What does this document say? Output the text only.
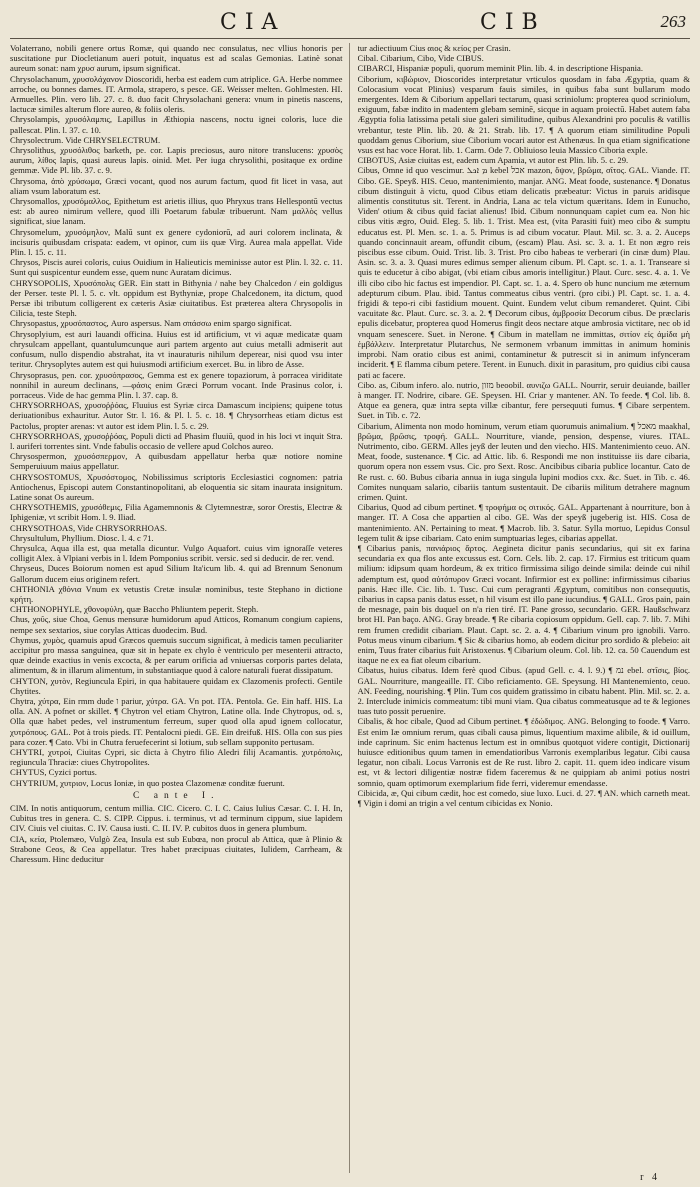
CIA	CIB	263

Volaterrano, nobili genere ortus Romæ, qui quando nec consulatus, nec vllius honoris per suscitatione pur Diocletianum aueri potuit, inquatus est ad scalas Gemonias. Latinè sonat aureum sonat: nam χρυσ aurum, ipsum significat.

Chrysolachanum, χρυσολάχανον Dioscoridi, herba est eadem cum atriplice. GA. Herbe nommee arroche, ou bonnes dames. IT. Armola, strapero, s pesce. GE. Weisser melten. Gohlmesten. HI. Armuelles. Plin. vero lib. 27. c. 8. duo facit Chrysolachani genera: vnum in pinetis nascens, lactucæ similes alterum flore aureo, & foliis oleris.

Chrysolampis, χρυσόλαμπις, Lapillus in Æthiopia nascens, noctu ignei coloris, luce die pallescat. Plin. l. 37. c. 10.

Chrysolectrum. Vide CHRYSELECTRUM.

Chrysolithus, χρυσόλιθος barketh, pe. cor. Lapis preciosus, auro nitore translucens: χρυσὸς aurum, λίθος lapis, quasi aureus lapis. oinid. Met. Per iuga chrysolithi, positaque ex ordine gemmæ. Vide Pl. lib. 37. c. 9.

Chrysoma, ἀπὸ χρύσωμα, Græci vocant, quod nos aurum factum, quod fit licet in vasa, aut aliam vsum laboratum est.

Chrysomallos, χρυσόμαλλος, Epithetum est arietis illius, quo Phryxus trans Hellespontū vectus est: ab aureo nimirum vellere, quod illi Poetarum fabulæ tribuerunt. Nam μαλλὸς vellus significat, siue lanam.

Chrysomelum, χρυσόμηλον, Malū sunt ex genere cydoniorū, ad auri colorem inclinata, & incisuris quibusdam crispata: eadem, vt opinor, cum iis quæ Virg. Aurea mala appellat. Vide Plin. l. 15. c. 11.

Chrysos, Piscis aurei coloris, cuius Ouidium in Halieuticis meminisse autor est Plin. l. 32. c. 11. Sunt qui suspicentur eundem esse, quem nunc Auratam dicimus.

CHRYSOPOLIS, Χρυσόπολις GER. Ein statt in Bithynia / nahe bey Chalcedon / ein goldigus der Perser. teste Pl. l. 5. c. vlt. oppidum est Bythyniæ, prope Chalcedonem, ita dictum, quod Persæ ibi tributum colligerent ex cæteris Asiæ ciuitatibus. Est præterea altera Chrysopolis in Cilicia, teste Steph.

Chrysopastus, χρυσόπαστος, Auro aspersus. Nam σπάσσω enim spargo significat.

Chrysoplyium, est auri lauandi officina. Huius est id artificium, vt vi aquæ medicatæ quam chrysulcam appellant, quantulumcunque auri partem argento aut cuius metalli admiserit aut confusum, nullo dispendio abstrahat, ita vt inauraturis nihilum deperear, nisi quod vsu inter teritur. Chrysoplytes autem est qui huiusmodi artificium exercet. Bu. in libro de Asse.

Chrysoprasus, pen. cor. χρυσόπρασος, Gemma est ex genere topaziorum, à porracea viriditate nonnihil in aureum declinans, —φάσις enim Græci Porrum vocant. Inde Prasinus color, i. porraceus. Vide de hac gemma Plin. l. 37. cap. 8.

CHRYSORRHOAS, χρυσοῤῥόας, Fluuius est Syriæ circa Damascum incipiens; quipene totus deriuationibus exhauritur. Autor Str. l. 16. & Pl. l. 5. c. 18. ¶ Chrysorrheas etiam dictus est Pactolus, propter arenas: vt autor est idem Plin. l. 5. c. 29.

CHRYSORRHOAS, χρυσοῤῥόας, Populi dicti ad Phasim fluuiū, quod in his loci vt inquit Stra. l. auriferi torrentes sint. Vnde fabulis occasio de vellere apud Colchos aureo.

Chrysospermon, χρυσόσπερμον, A quibusdam appellatur herba quæ notiore nomine Semperuiuum maius appellatur.

CHRYSOSTOMUS, Χρυσόστομος, Nobilissimus scriptoris Ecclesiastici cognomen: patria Antiochenus, Episcopi autem Constantinopolitani, ab eloquentia sic sitam inaurata insignitum. Latine sonat Os aureum.

CHRYSOTHEMIS, χρυσόθεμις, Filia Agamemnonis & Clytemnestræ, soror Orestis, Electræ & Iphigeniæ, vt scribit Hom. l. 9. Iliad.

CHRYSOTHOAS, Vide CHRYSORRHOAS.

Chrysultulum, Phyllium. Diosc. l. 4. c 71.

Chrysulca, Aqua illa est, qua metalla dicuntur. Vulgo Aquafort. cuius vim ignoraſſe veteres colligit Alex. à Vlpiani verbis in l. Idem Pomponius scribit. versic. sed si deducir. de rer. vend.

Chryseus, Duces Boiorum nomen est apud Silium Ita'icum lib. 4. qui ad Brennum Senonum Gallorum ducem eius originem refert.

CHTHONIA χθόνια Vnum ex vetustis Cretæ insulæ nominibus, teste Stephano in dictione κρήτη.

CHTHONOPHYLE, χθονοφύλη, quæ Baccho Phliuntem peperit. Steph.

Chus, χοῦς, siue Choa, Genus mensuræ humidorum apud Atticos, Romanum congium capiens, nempe sex sextarios, siue corylas Atticas duodecim. Bud.

Chymus, χυμὸς, quamuis apud Græcos quemuis succum significat, à medicis tamen peculiariter accipitur pro massa sanguinea, quæ sit in hepate ex chylo è ventriculo per mesenterii attracto, quæ deinde exactius in venis excocta, & per earum orificia ad vniuersas corporis partes delata, alimentum, & in illarum alimentum, in substantiaque quod à calore naturali fuerat dissipatum.

CHYTON, χυτὸν, Regiuncula Epiri, in qua habitauere quidam ex Clazomenis profecti. Gentile Chytites.

Chytra, χύτρα, Ein rmm dude ו pariur, χύτρα. GA. Vn pot. ITA. Pentola. Ge. Ein haff. HIS. La olla. AN. A pofnet or skillet. ¶ Chytron vel etiam Chytron, Latine olla. Inde Chytropus, od. s, Olla quæ habet pedes, vel instrumentum ferreum, super quod olla apud ignem collocatur, χυτρόπους. GAL. Pot à trois pieds. IT. Pentalocni piedi. GE. Ein dreifuß. HIS. Olla con sus pies para cozer. ¶ Cato. Vbi in Chutra feruefecerint si lotium, sub sellam supponito pertusam.

CHYTRI, χυτροί, Ciuitas Cypri, sic dicta à Chytro filio Aledri filij Acamantis. χυτρόπολις, regiuncula Thraciæ: ciues Chytropolites.

CHYTUS, Cyzici portus.

CHYTRIUM, χυτριον, Locus Ioniæ, in quo postea Clazomenæ conditæ fuerunt.

C ante I.

CIM. In notis antiquorum, centum millia. CIC. Cicero. C. I. C. Caius Iulius Cæsar. C. I. H. In, Cubitus tres in genera. C. S. CIPP. Cippus. i. terminus, vt ad terminum cippum, siue lapidem CIV. Ciuis vel ciuitas. C. IV. Causa iusti. C. II. IV. P. cubitos duos in genera plumbum.

CIA, κεία, Ptolemæo, Vulgò Zea, Insula est sub Eubœa, non procul ab Attica, quæ à Plinio & Strabone Ceos, & Cea appellatur. Tres habet præcipuas ciuitates, Iulidem, Carrheam, & Charessum. Hinc deducitur

tur adiectiuum Cius αιος & κείος per Crasin.

Cibal. Cibarium, Cibo, Vide CIBUS.

CIBARCI, Hispaniæ populi, quorum meminit Plin. lib. 4. in descriptione Hispania.

Ciborium, κιβώριον, Dioscorides interpretatur vrticulos quosdam in faba Ægyptia, quam & Colocasium vocat Plinius) vesparum fauis similes, in quibus faba sunt bullarum modo emergentes. Idem & Ciborium appellari tectarum, quasi scriniolum: propterea quod scriniolum, exiguum, fabæ indito in madentem glebam seminē, sicque in aquam proiectū. Habet autem faba Ægyptia folia latissima petali siue galeri similitudine, quibus Alexandrini pro poculis & vatillis vrebantur, teste Plin. lib. 20. & 21. Strab. lib. 17. ¶ A quorum etiam similitudine Populi quoddam genus Ciborium, siue Ciborium vocari autor est Athenæus. In qua etiam significatione vsus est hac voce Horat. lib. 1. Carm. Ode 7. Obliuioso leuia Massico Ciboria exple.

CIBOTUS, Asiæ ciuitas est, eadem cum Apamia, vt autor est Plin. lib. 5. c. 29.

Cibus, Omne id quo vescimur. ܡ ܐܟܠ kebel אכל mazon, ὄψον, βρῶμα, σῖτος. GAL. Viande. IT. Cibo. GE. Speyß. HIS. Ceuo, mantenimiento, manjar. ANG. Meat foode, sustenance. ¶ Donatus cibum distinguit à victu, quod Cibus etiam delicatis præbeatur: Victus in paruis aridisque alimentis constitutus sit. Terent. in Andria, Lana ac tela victum quæritans. Idem in Eunucho, Viden' otium & cibus quid faciat alienus! Ibid. Cibum nonnunquam capiet cum ea. Non hic cibus vitis ægro, Ouid. Eleg. 5. lib. 1. Trist. Mea est, (vita Parasiti fuit) meo cibo & sumptu educatus est. Pl. Men. sc. 1. a. 5. Primus is ad cibum vocatur. Plaut. Mil. sc. 3. a. 2. Auceps quando concinnauit aream, offundit cibum, (escam) Plau. Asi. sc. 3. a. 1. Et non ægro reis piscibus esse cibum. Ouid. Trist. lib. 3. Trist. Pro cibo habeas te verberari (in cinæ dum) Plau. Asin. sc. 3. a. 3. Quasi mures edimus semper alienum cibum. Pl. Capt. sc. 1. a. 1. Transeare si quis te educetur à cibo abigat, (vbi etiam cibus amoris intelligitur.) Plaut. Curc. sesc. 4. a. 1. Ve illi cibo cibo hic factus est impendior. Pl. Capt. sc. 1. a. 4. Spero ob hunc nuncium me æternum adepturum cibum. Plau. ibid. Tantus commeatus cibus ventri. (pro cibi.) Pl. Capt. sc. 1. a. 4. frigidi & tepo-ri cibi fastidium mouent. Quint. Eundem velut cibum remanderet. Quint. Cibi vacuitate &c. Plaut. Curc. sc. 3. a. 2. ¶ Decorum cibus, ἀμβροσία Decorum cibus. De præclaris epulis dicebatur, propterea quod Homerus fingit deos nectare atque ambrosia victitare, nec ob id vnquam senescere. Suet. in Nerone. ¶ Cibum in matellam ne immittas, σιτίον εἰς ἀμίδα μὴ ἐμβάλλειν. Interpretatur Plutarchus, Ne sermonem vrbanum immittas in animum hominis improbi. Nam oratio cibus est animi, contaminetur & putrescit si in animum infynceram inciderit. ¶ E flamma cibum petere. Terent. in Eunuch. dixit in parasitum, pro quidius cibi causa pati ac facere.

Cibo. as, Cibum infero. alo. nutrio, מזון beoobil. αυνιζω GALL. Nourrir, seruir deuiande, bailler à manger. IT. Nodrire, cibare. GE. Speysen. HI. Criar y mantener. AN. To feede. ¶ Col. lib. 8. Atque ea genera, quæ intra septa villæ cibantur, fere persequuti fumus. ¶ Cibare serpentem. Suet. in Tib. c. 72.

Cibarium, Alimenta non modo hominum, verum etiam quorumuis animalium. ¶ מאכל maakhal, βρῶμα, βρῶσις, τροφή. GALL. Nourriture, viande, pension, despense, viures. ITAL. Nutrimento, cibo. GERM. Alles jeyß der leuten und den viecho. HIS. Mantenimiento ceuo. AN. Meat, foode, sustenance. ¶ Cic. ad Attic. lib. 6. Respondi me non instituisse iis dare cibaria, quorum opera non essem vsus. Cic. pro Sext. Rosc. Ancibibus cibaria publice locantur. Cato de Re rust. c. 60. Bubus cibaria annua in iuga singula lupini modios cxx. &c. Suet. in Tib. c. 46. Comites nunquam salario, cibariis tantum sustentauit. De cibariis militum detrahere magnum crimen. Quint.

Cibarius, Quod ad cibum pertinet. ¶ τροφήμα ος σιτικός. GAL. Appartenant à nourriture, bon à manger. IT. A Cosa che appartien al cibo. GE. Was der speyß jugeberig ist. HIS. Cosa de mantenimiento. AN. Pertaining to meat. ¶ Macrob. lib. 3. Satur. Sylla mortuo, Lepidus Consul legem tulit & ipse cibariam. Cato enim sumptuarias leges, cibarias appellat.

¶ Cibarius panis, πανιάριος ἄρτος. Aegineta dicitur panis secundarius, qui sit ex farina secundaria ex qua flos ante excussus est. Corn. Cels. lib. 2. cap. 17. Firmius est triticum quam milium: idipsum quam hordeum, & ex tritico firmissima siligo deinde simila: deinde cui nihil ademptum est, quod αὐτόπυρον Græci vocant. Infirmior est ex polline: infirmissimus cibarius panis. Hæc ille. Cic. lib. 1. Tusc. Cui cum peragranti Ægyptum, comitibus non consequutis, cibarius in capsa panis datus esset, n hil visum est illo pane iucundius. ¶ GALL. Gros pain, pain de mesnage, pain bis duquel on n'a rien tiré. IT. Pane grosso, secundario. GER. Haußschwarz brot HI. Pan baço. ANG. Gray breade. ¶ Re cibaria copiosum oppidum. Gell. cap. 7. lib. 7. Mihi rem frumen credidit cibariam. Plaut. Capt. sc. 2. a. 4. ¶ Cibarium vinum pro ignobili. Varro. Potus meus vinum cibarium. ¶ Sic & cibarius homo, ab eodem dicitur pro sordido & plebeio: ait enim, Tuus frater cibarius fuit Aristoxenus. ¶ Cibarium oleum. Col. lib. 12. ca. 50 Cauendum est itaque ne ex ea fiat oleum cibarium.

Cibatus, huius cibatus. Idem ferè quod Cibus. (apud Gell. c. 4. l. 9.) ¶ נמ ebel. στῖσις, βίος. GAL. Nourriture, mangeaille. IT. Cibo reficiamento. GE. Speysung. HI Mantenemiento, ceuo. AN. Feeding, nourishing. ¶ Plin. Tum cos quidem gratissimo in cibatu habent. Plin. Mil. sc. 2. a. 2. Interclude inimicis commeatum: tibi muni viam. Qua cibatus commeatusque ad te & legiones tuas tuto possit peruenire.

Cibalis, & hoc cibale, Quod ad Cibum pertinet. ¶ ἐδώδιμος. ANG. Belonging to foode. ¶ Varro. Est enim Iæ omnium rerum, quas cibali causa pimus, liquentium maxime alibile, & id ouillum, inde caprinum. Sic enim hactenus lectum est in omnibus quotquot videre contigit, Dictionarij huiusce editionibus quum tamen in emendatioribus Varronis exemplaribus legatur. Cibi causa legatur, non cibali. Locus Varronis est de Re rust. libro 2. capit. 11. quem ideo indicare visum est, vt & lectori diligentiæ nostræ fidem faceremus & ne quippiam ab animi potius nostri somnio, quam optimorum exemplarium fide ferri, videremur emendasse.

Cibicida, æ, Qui cibum cædit, hoc est comedo, siue luxo. Luci. d. 27. ¶ AN. which carneth meat. ¶ Vigin i domi an trigin a vel centum cibicidas ex Nonio.

r 4
